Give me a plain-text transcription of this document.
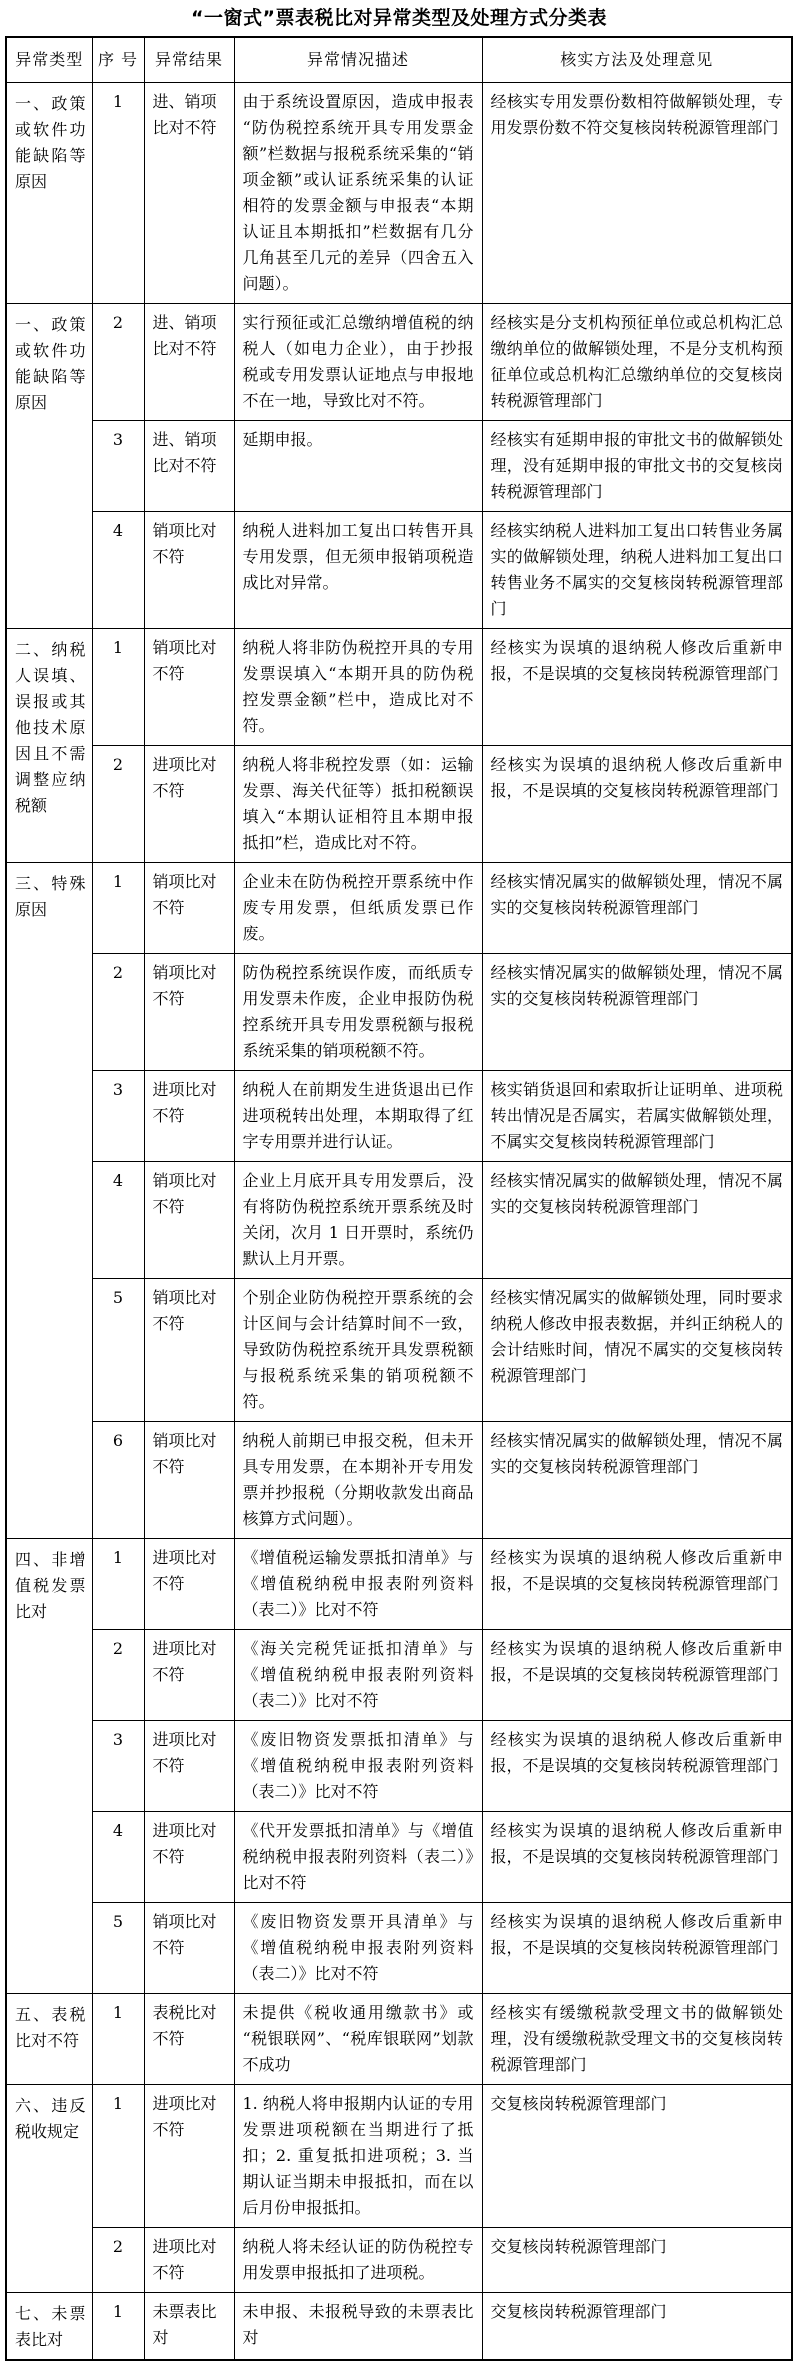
“一窗式”票表税比对异常类型及处理方式分类表
异常类型	序 号	异常结果	异常情况描述	核实方法及处理意见
一、政策或软件功能缺陷等原因	1	进、销项比对不符	由于系统设置原因，造成申报表“防伪税控系统开具专用发票金额”栏数据与报税系统采集的“销项金额”或认证系统采集的认证相符的发票金额与申报表“本期认证且本期抵扣”栏数据有几分几角甚至几元的差异（四舍五入问题）。	经核实专用发票份数相符做解锁处理，专用发票份数不符交复核岗转税源管理部门
一、政策或软件功能缺陷等原因	2	进、销项比对不符	实行预征或汇总缴纳增值税的纳税人（如电力企业），由于抄报税或专用发票认证地点与申报地不在一地，导致比对不符。	经核实是分支机构预征单位或总机构汇总缴纳单位的做解锁处理，不是分支机构预征单位或总机构汇总缴纳单位的交复核岗转税源管理部门
	3	进、销项比对不符	延期申报。	经核实有延期申报的审批文书的做解锁处理，没有延期申报的审批文书的交复核岗转税源管理部门
	4	销项比对不符	纳税人进料加工复出口转售开具专用发票，但无须申报销项税造成比对异常。	经核实纳税人进料加工复出口转售业务属实的做解锁处理，纳税人进料加工复出口转售业务不属实的交复核岗转税源管理部门
二、纳税人误填、误报或其他技术原因且不需调整应纳税额	1	销项比对不符	纳税人将非防伪税控开具的专用发票误填入“本期开具的防伪税控发票金额”栏中，造成比对不符。	经核实为误填的退纳税人修改后重新申报，不是误填的交复核岗转税源管理部门
	2	进项比对不符	纳税人将非税控发票（如：运输发票、海关代征等）抵扣税额误填入“本期认证相符且本期申报抵扣”栏，造成比对不符。	经核实为误填的退纳税人修改后重新申报，不是误填的交复核岗转税源管理部门
三、特殊原因	1	销项比对不符	企业未在防伪税控开票系统中作废专用发票，但纸质发票已作废。	经核实情况属实的做解锁处理，情况不属实的交复核岗转税源管理部门
	2	销项比对不符	防伪税控系统误作废，而纸质专用发票未作废，企业申报防伪税控系统开具专用发票税额与报税系统采集的销项税额不符。	经核实情况属实的做解锁处理，情况不属实的交复核岗转税源管理部门
	3	进项比对不符	纳税人在前期发生进货退出已作进项税转出处理，本期取得了红字专用票并进行认证。	核实销货退回和索取折让证明单、进项税转出情况是否属实，若属实做解锁处理，不属实交复核岗转税源管理部门
	4	销项比对不符	企业上月底开具专用发票后，没有将防伪税控系统开票系统及时关闭，次月 1 日开票时，系统仍默认上月开票。	经核实情况属实的做解锁处理，情况不属实的交复核岗转税源管理部门
	5	销项比对不符	个别企业防伪税控开票系统的会计区间与会计结算时间不一致，导致防伪税控系统开具发票税额与报税系统采集的销项税额不符。	经核实情况属实的做解锁处理，同时要求纳税人修改申报表数据，并纠正纳税人的会计结账时间，情况不属实的交复核岗转税源管理部门
	6	销项比对不符	纳税人前期已申报交税，但未开具专用发票，在本期补开专用发票并抄报税（分期收款发出商品核算方式问题）。	经核实情况属实的做解锁处理，情况不属实的交复核岗转税源管理部门
四、非增值税发票比对	1	进项比对不符	《增值税运输发票抵扣清单》与《增值税纳税申报表附列资料（表二）》比对不符	经核实为误填的退纳税人修改后重新申报，不是误填的交复核岗转税源管理部门
	2	进项比对不符	《海关完税凭证抵扣清单》与《增值税纳税申报表附列资料（表二）》比对不符	经核实为误填的退纳税人修改后重新申报，不是误填的交复核岗转税源管理部门
	3	进项比对不符	《废旧物资发票抵扣清单》与《增值税纳税申报表附列资料（表二）》比对不符	经核实为误填的退纳税人修改后重新申报，不是误填的交复核岗转税源管理部门
	4	进项比对不符	《代开发票抵扣清单》与《增值税纳税申报表附列资料（表二）》比对不符	经核实为误填的退纳税人修改后重新申报，不是误填的交复核岗转税源管理部门
	5	销项比对不符	《废旧物资发票开具清单》与《增值税纳税申报表附列资料（表二）》比对不符	经核实为误填的退纳税人修改后重新申报，不是误填的交复核岗转税源管理部门
五、表税比对不符	1	表税比对不符	未提供《税收通用缴款书》或“税银联网”、“税库银联网”划款不成功	经核实有缓缴税款受理文书的做解锁处理，没有缓缴税款受理文书的交复核岗转税源管理部门
六、违反税收规定	1	进项比对不符	1. 纳税人将申报期内认证的专用发票进项税额在当期进行了抵扣；2. 重复抵扣进项税；3. 当期认证当期未申报抵扣，而在以后月份申报抵扣。	交复核岗转税源管理部门
	2	进项比对不符	纳税人将未经认证的防伪税控专用发票申报抵扣了进项税。	交复核岗转税源管理部门
七、未票表比对	1	未票表比对	未申报、未报税导致的未票表比对	交复核岗转税源管理部门
